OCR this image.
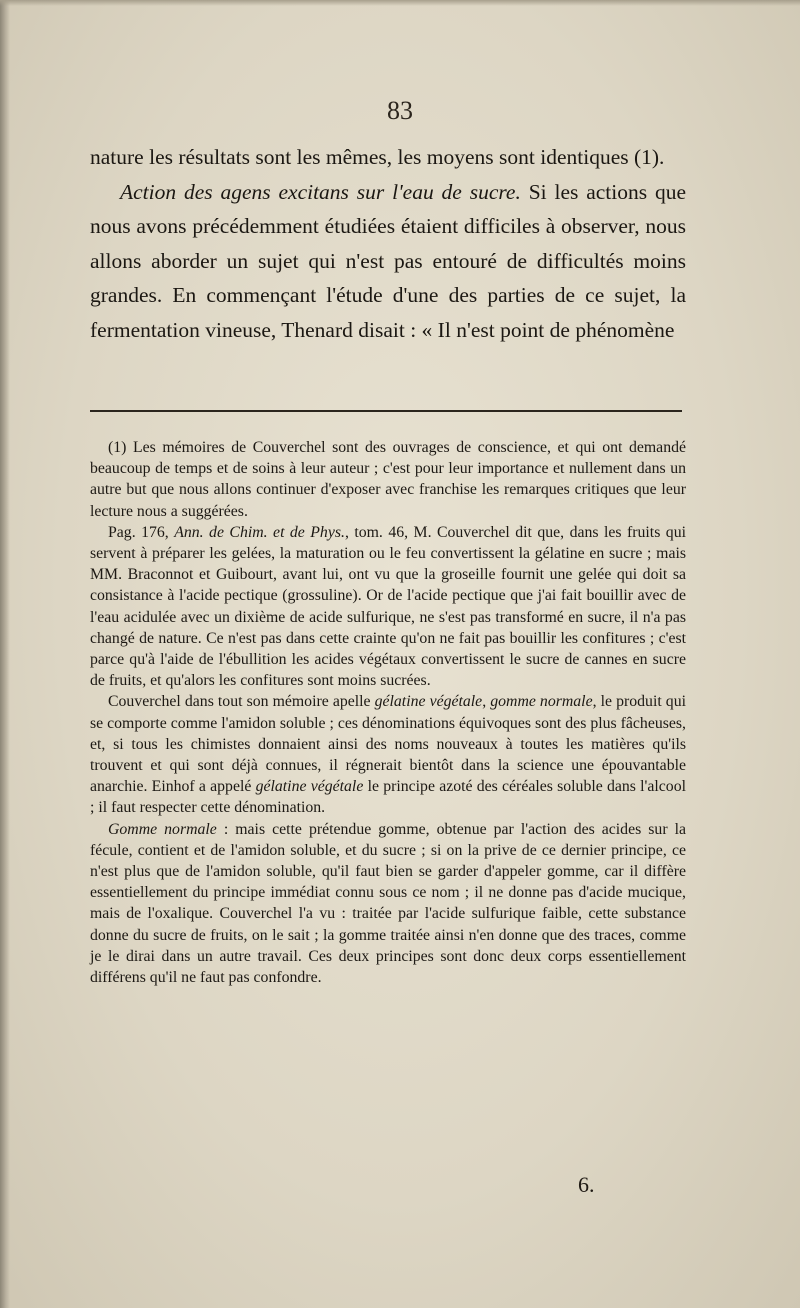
83

nature les résultats sont les mêmes, les moyens sont identiques (1).

Action des agens excitans sur l'eau de sucre. Si les actions que nous avons précédemment étudiées étaient difficiles à observer, nous allons aborder un sujet qui n'est pas entouré de difficultés moins grandes. En commençant l'étude d'une des parties de ce sujet, la fermentation vineuse, Thenard disait : « Il n'est point de phénomène

(1) Les mémoires de Couverchel sont des ouvrages de conscience, et qui ont demandé beaucoup de temps et de soins à leur auteur ; c'est pour leur importance et nullement dans un autre but que nous allons continuer d'exposer avec franchise les remarques critiques que leur lecture nous a suggérées.

Pag. 176, Ann. de Chim. et de Phys., tom. 46, M. Couverchel dit que, dans les fruits qui servent à préparer les gelées, la maturation ou le feu convertissent la gélatine en sucre ; mais MM. Braconnot et Guibourt, avant lui, ont vu que la groseille fournit une gelée qui doit sa consistance à l'acide pectique (grossuline). Or de l'acide pectique que j'ai fait bouillir avec de l'eau acidulée avec un dixième de acide sulfurique, ne s'est pas transformé en sucre, il n'a pas changé de nature. Ce n'est pas dans cette crainte qu'on ne fait pas bouillir les confitures ; c'est parce qu'à l'aide de l'ébullition les acides végétaux convertissent le sucre de cannes en sucre de fruits, et qu'alors les confitures sont moins sucrées.

Couverchel dans tout son mémoire apelle gélatine végétale, gomme normale, le produit qui se comporte comme l'amidon soluble ; ces dénominations équivoques sont des plus fâcheuses, et, si tous les chimistes donnaient ainsi des noms nouveaux à toutes les matières qu'ils trouvent et qui sont déjà connues, il régnerait bientôt dans la science une épouvantable anarchie. Einhof a appelé gélatine végétale le principe azoté des céréales soluble dans l'alcool ; il faut respecter cette dénomination.

Gomme normale : mais cette prétendue gomme, obtenue par l'action des acides sur la fécule, contient et de l'amidon soluble, et du sucre ; si on la prive de ce dernier principe, ce n'est plus que de l'amidon soluble, qu'il faut bien se garder d'appeler gomme, car il diffère essentiellement du principe immédiat connu sous ce nom ; il ne donne pas d'acide mucique, mais de l'oxalique. Couverchel l'a vu : traitée par l'acide sulfurique faible, cette substance donne du sucre de fruits, on le sait ; la gomme traitée ainsi n'en donne que des traces, comme je le dirai dans un autre travail. Ces deux principes sont donc deux corps essentiellement différens qu'il ne faut pas confondre.

6.
